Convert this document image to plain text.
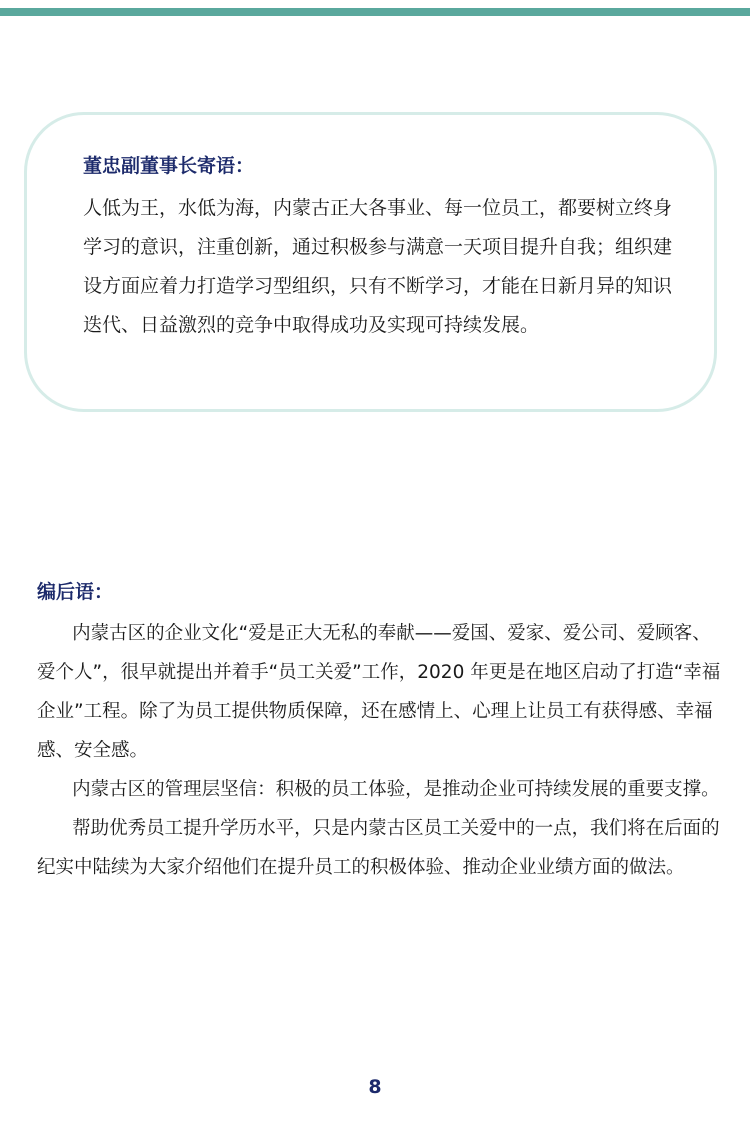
董忠副董事长寄语：

人低为王，水低为海，内蒙古正大各事业、每一位员工，都要树立终身学习的意识，注重创新，通过积极参与满意一天项目提升自我；组织建设方面应着力打造学习型组织，只有不断学习，才能在日新月异的知识迭代、日益激烈的竞争中取得成功及实现可持续发展。

编后语：

内蒙古区的企业文化“爱是正大无私的奉献——爱国、爱家、爱公司、爱顾客、爱个人”，很早就提出并着手“员工关爱”工作，2020 年更是在地区启动了打造“幸福企业”工程。除了为员工提供物质保障，还在感情上、心理上让员工有获得感、幸福感、安全感。

内蒙古区的管理层坚信：积极的员工体验，是推动企业可持续发展的重要支撑。

帮助优秀员工提升学历水平，只是内蒙古区员工关爱中的一点，我们将在后面的纪实中陆续为大家介绍他们在提升员工的积极体验、推动企业业绩方面的做法。

8
